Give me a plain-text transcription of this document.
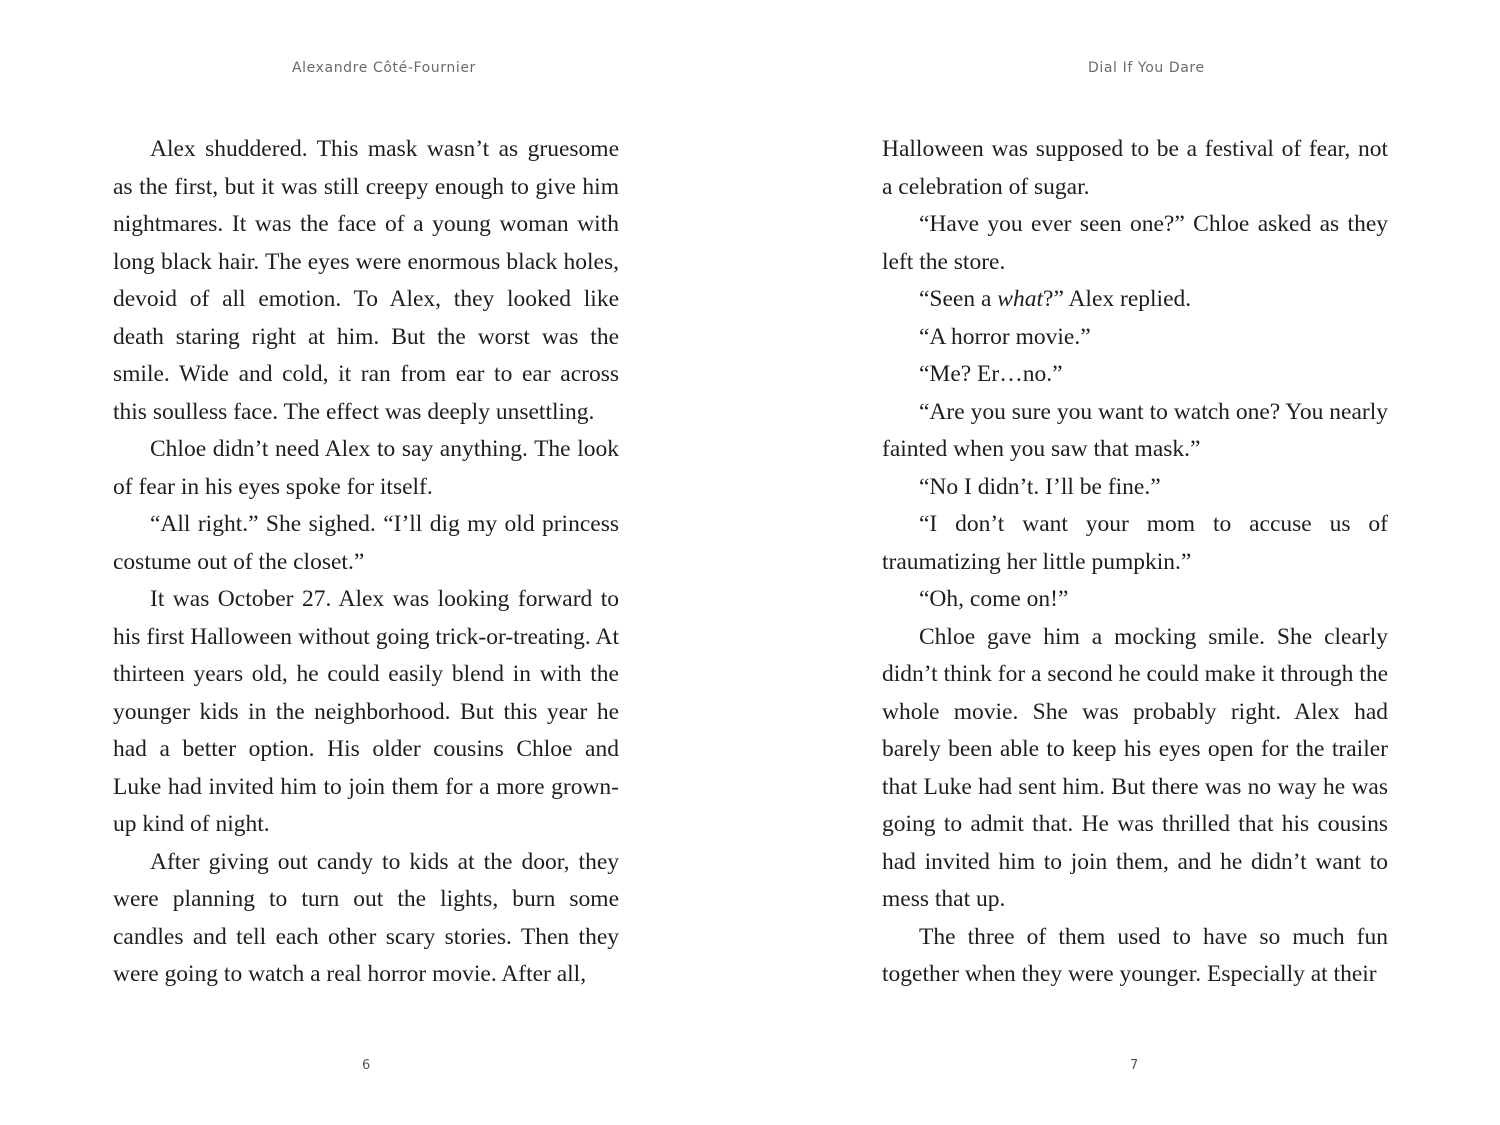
Alexandre Côté-Fournier

Alex shuddered. This mask wasn’t as gruesome as the first, but it was still creepy enough to give him nightmares. It was the face of a young woman with long black hair. The eyes were enormous black holes, devoid of all emotion. To Alex, they looked like death staring right at him. But the worst was the smile. Wide and cold, it ran from ear to ear across this soulless face. The effect was deeply unsettling.

Chloe didn’t need Alex to say anything. The look of fear in his eyes spoke for itself.

“All right.” She sighed. “I’ll dig my old princess costume out of the closet.”

It was October 27. Alex was looking forward to his first Halloween without going trick-or-treating. At thirteen years old, he could easily blend in with the younger kids in the neighborhood. But this year he had a better option. His older cousins Chloe and Luke had invited him to join them for a more grown-up kind of night.

After giving out candy to kids at the door, they were planning to turn out the lights, burn some candles and tell each other scary stories. Then they were going to watch a real horror movie. After all,

6
Dial If You Dare

Halloween was supposed to be a festival of fear, not a celebration of sugar.

“Have you ever seen one?” Chloe asked as they left the store.

“Seen a what?” Alex replied.

“A horror movie.”

“Me? Er…no.”

“Are you sure you want to watch one? You nearly fainted when you saw that mask.”

“No I didn’t. I’ll be fine.”

“I don’t want your mom to accuse us of traumatizing her little pumpkin.”

“Oh, come on!”

Chloe gave him a mocking smile. She clearly didn’t think for a second he could make it through the whole movie. She was probably right. Alex had barely been able to keep his eyes open for the trailer that Luke had sent him. But there was no way he was going to admit that. He was thrilled that his cousins had invited him to join them, and he didn’t want to mess that up.

The three of them used to have so much fun together when they were younger. Especially at their

7
